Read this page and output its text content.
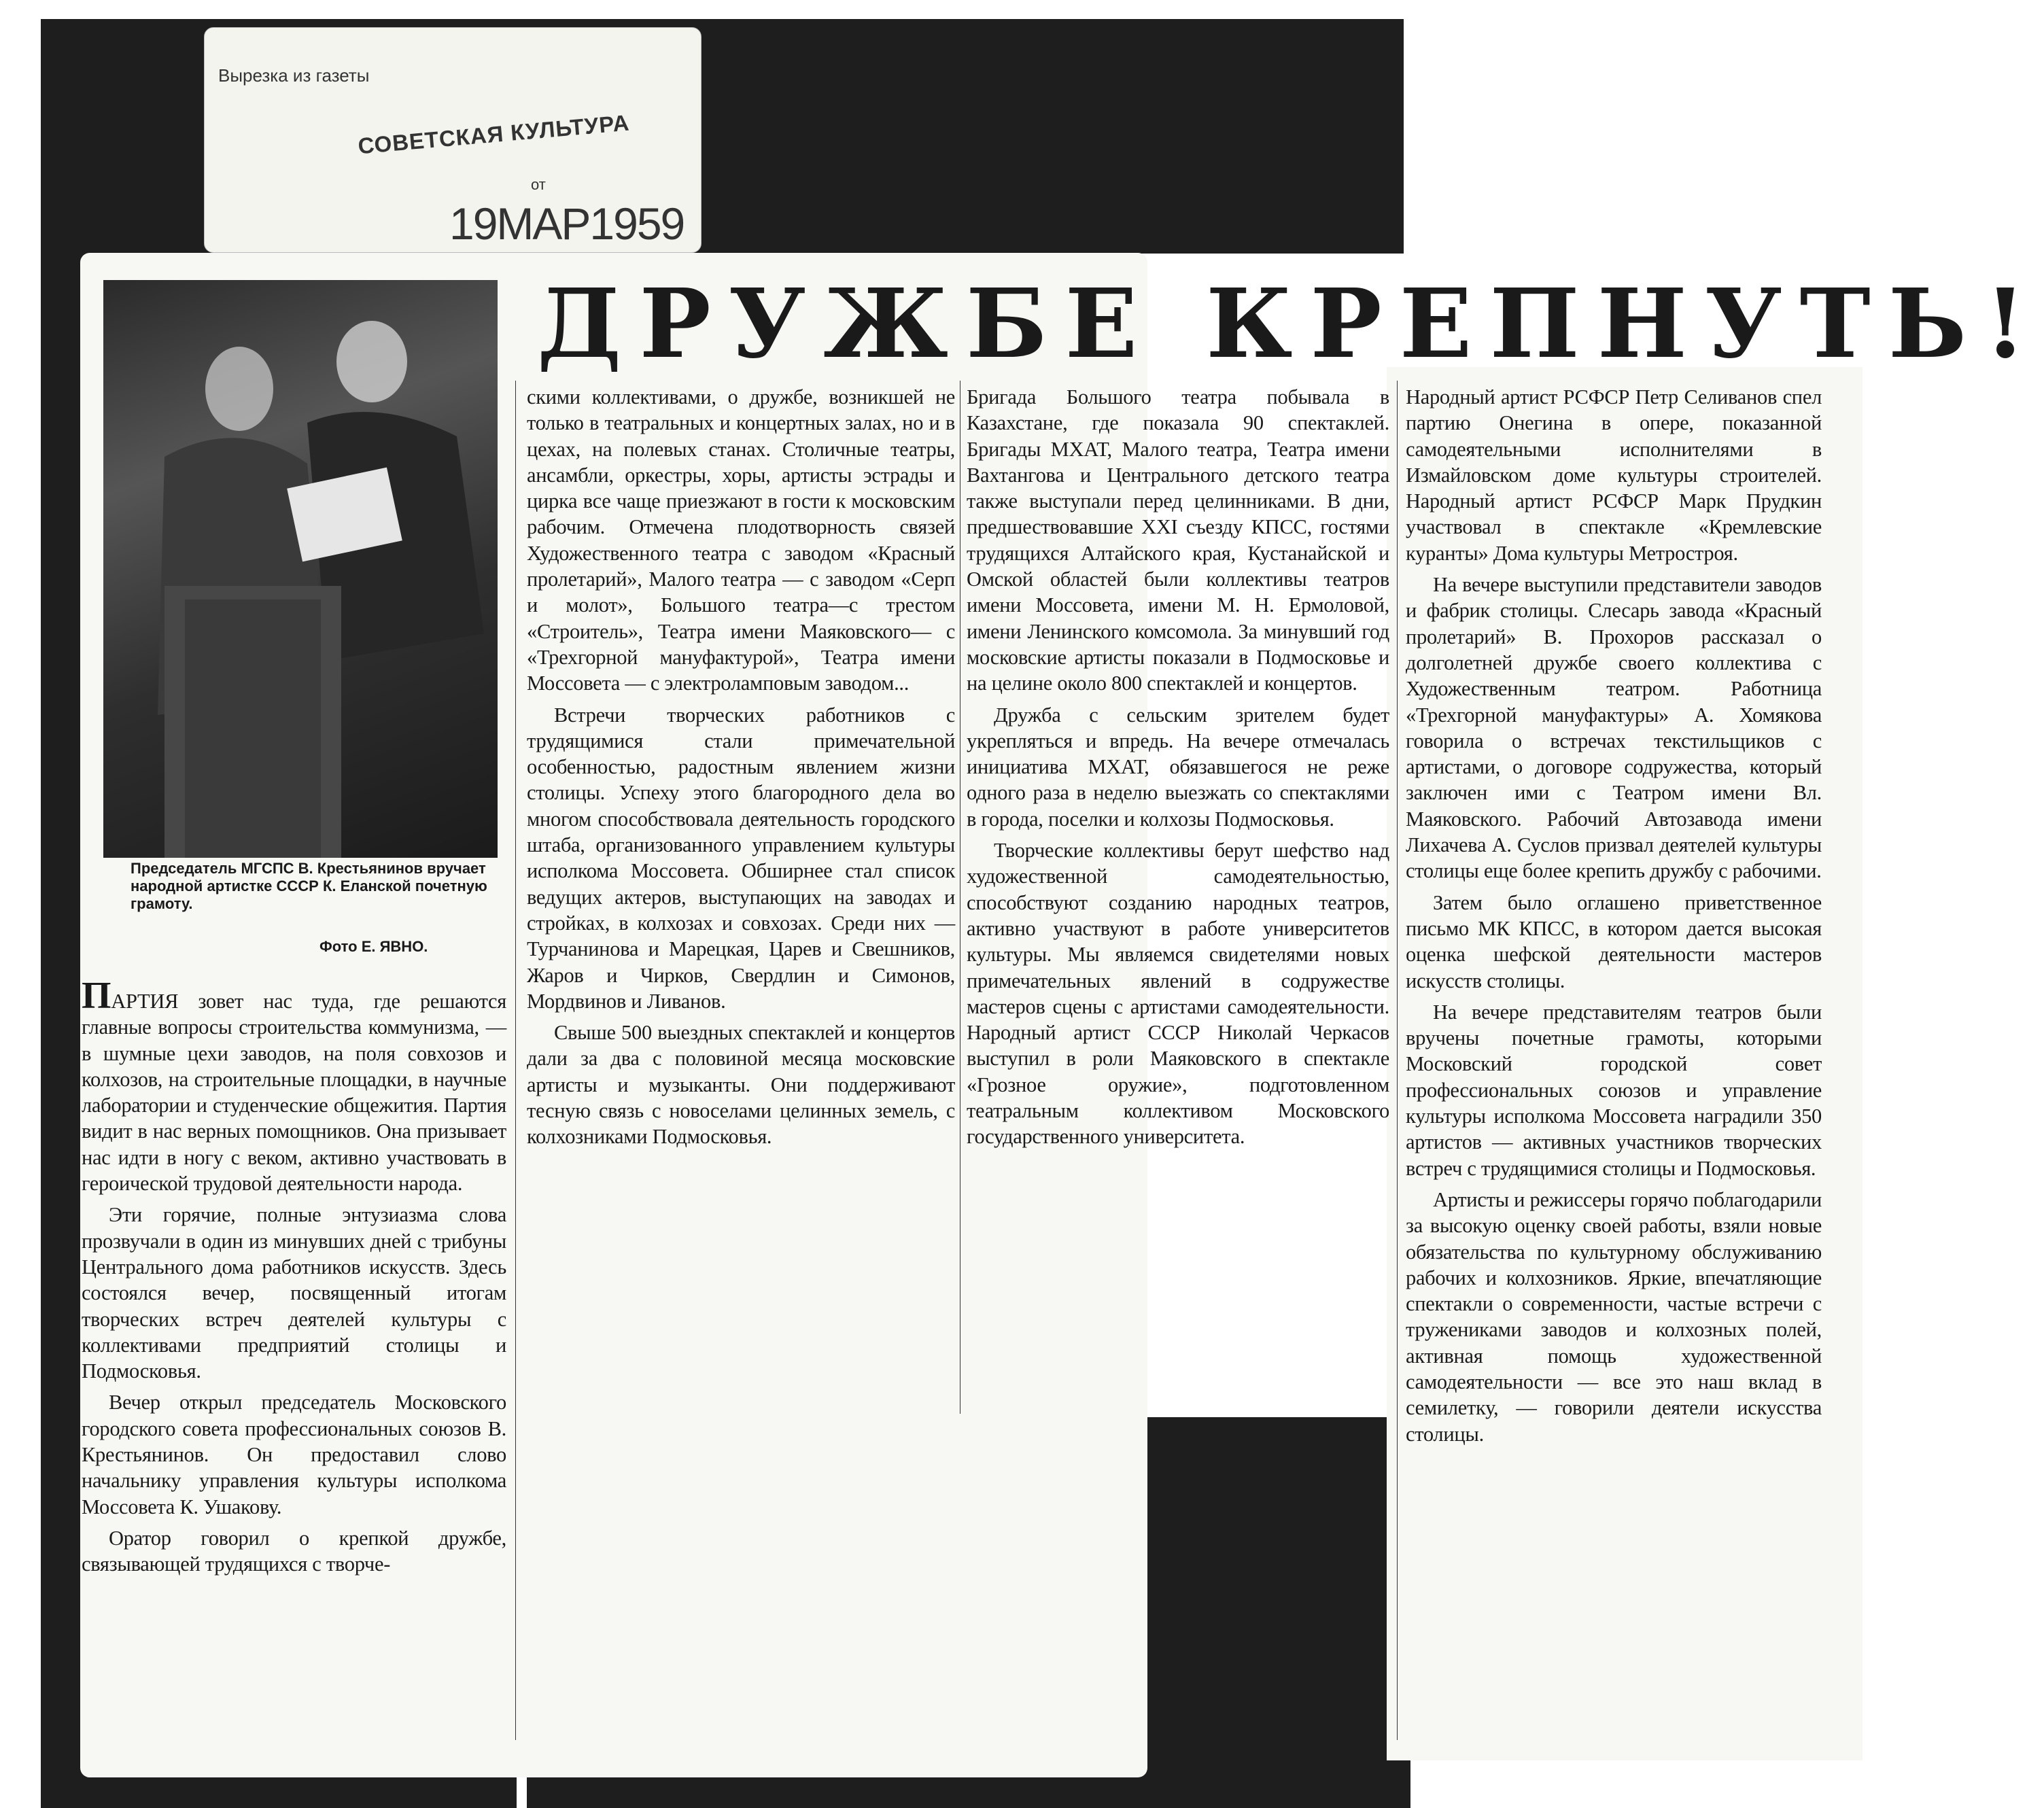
Вырезка из газеты
СОВЕТСКАЯ КУЛЬТУРА
от
19МАР1959
Председатель МГСПС В. Крестьянинов вручает народной артистке СССР К. Еланской почетную грамоту.
Фото Е. ЯВНО.
ДРУЖБЕ КРЕПНУТЬ!

ПАРТИЯ зовет нас туда, где решаются главные вопросы строительства коммунизма, — в шумные цехи заводов, на поля совхозов и колхозов, на строительные площадки, в научные лаборатории и студенческие общежития. Партия видит в нас верных помощников. Она призывает нас идти в ногу с веком, активно участвовать в героической трудовой деятельности народа.

Эти горячие, полные энтузиазма слова прозвучали в один из минувших дней с трибуны Центрального дома работников искусств. Здесь состоялся вечер, посвященный итогам творческих встреч деятелей культуры с коллективами предприятий столицы и Подмосковья.

Вечер открыл председатель Московского городского совета профессиональных союзов В. Крестьянинов. Он предоставил слово начальнику управления культуры исполкома Моссовета К. Ушакову.

Оратор говорил о крепкой дружбе, связывающей трудящихся с творче-

скими коллективами, о дружбе, возникшей не только в театральных и концертных залах, но и в цехах, на полевых станах. Столичные театры, ансамбли, оркестры, хоры, артисты эстрады и цирка все чаще приезжают в гости к московским рабочим. Отмечена плодотворность связей Художественного театра с заводом «Красный пролетарий», Малого театра — с заводом «Серп и молот», Большого театра—с трестом «Строитель», Театра имени Маяковского— с «Трехгорной мануфактурой», Театра имени Моссовета — с электроламповым заводом...

Встречи творческих работников с трудящимися стали примечательной особенностью, радостным явлением жизни столицы. Успеху этого благородного дела во многом способствовала деятельность городского штаба, организованного управлением культуры исполкома Моссовета. Обширнее стал список ведущих актеров, выступающих на заводах и стройках, в колхозах и совхозах. Среди них — Турчанинова и Марецкая, Царев и Свешников, Жаров и Чирков, Свердлин и Симонов, Мордвинов и Ливанов.

Свыше 500 выездных спектаклей и концертов дали за два с половиной месяца московские артисты и музыканты. Они поддерживают тесную связь с новоселами целинных земель, с колхозниками Подмосковья.

Бригада Большого театра побывала в Казахстане, где показала 90 спектаклей. Бригады МХАТ, Малого театра, Театра имени Вахтангова и Центрального детского театра также выступали перед целинниками. В дни, предшествовавшие XXI съезду КПСС, гостями трудящихся Алтайского края, Кустанайской и Омской областей были коллективы театров имени Моссовета, имени М. Н. Ермоловой, имени Ленинского комсомола. За минувший год московские артисты показали в Подмосковье и на целине около 800 спектаклей и концертов.

Дружба с сельским зрителем будет укрепляться и впредь. На вечере отмечалась инициатива МХАТ, обязавшегося не реже одного раза в неделю выезжать со спектаклями в города, поселки и колхозы Подмосковья.

Творческие коллективы берут шефство над художественной самодеятельностью, способствуют созданию народных театров, активно участвуют в работе университетов культуры. Мы являемся свидетелями новых примечательных явлений в содружестве мастеров сцены с артистами самодеятельности. Народный артист СССР Николай Черкасов выступил в роли Маяковского в спектакле «Грозное оружие», подготовленном театральным коллективом Московского государственного университета.

Народный артист РСФСР Петр Селиванов спел партию Онегина в опере, показанной самодеятельными исполнителями в Измайловском доме культуры строителей. Народный артист РСФСР Марк Прудкин участвовал в спектакле «Кремлевские куранты» Дома культуры Метростроя.

На вечере выступили представители заводов и фабрик столицы. Слесарь завода «Красный пролетарий» В. Прохоров рассказал о долголетней дружбе своего коллектива с Художественным театром. Работница «Трехгорной мануфактуры» А. Хомякова говорила о встречах текстильщиков с артистами, о договоре содружества, который заключен ими с Театром имени Вл. Маяковского. Рабочий Автозавода имени Лихачева А. Суслов призвал деятелей культуры столицы еще более крепить дружбу с рабочими.

Затем было оглашено приветственное письмо МК КПСС, в котором дается высокая оценка шефской деятельности мастеров искусств столицы.

На вечере представителям театров были вручены почетные грамоты, которыми Московский городской совет профессиональных союзов и управление культуры исполкома Моссовета наградили 350 артистов — активных участников творческих встреч с трудящимися столицы и Подмосковья.

Артисты и режиссеры горячо поблагодарили за высокую оценку своей работы, взяли новые обязательства по культурному обслуживанию рабочих и колхозников. Яркие, впечатляющие спектакли о современности, частые встречи с тружениками заводов и колхозных полей, активная помощь художественной самодеятельности — все это наш вклад в семилетку, — говорили деятели искусства столицы.
